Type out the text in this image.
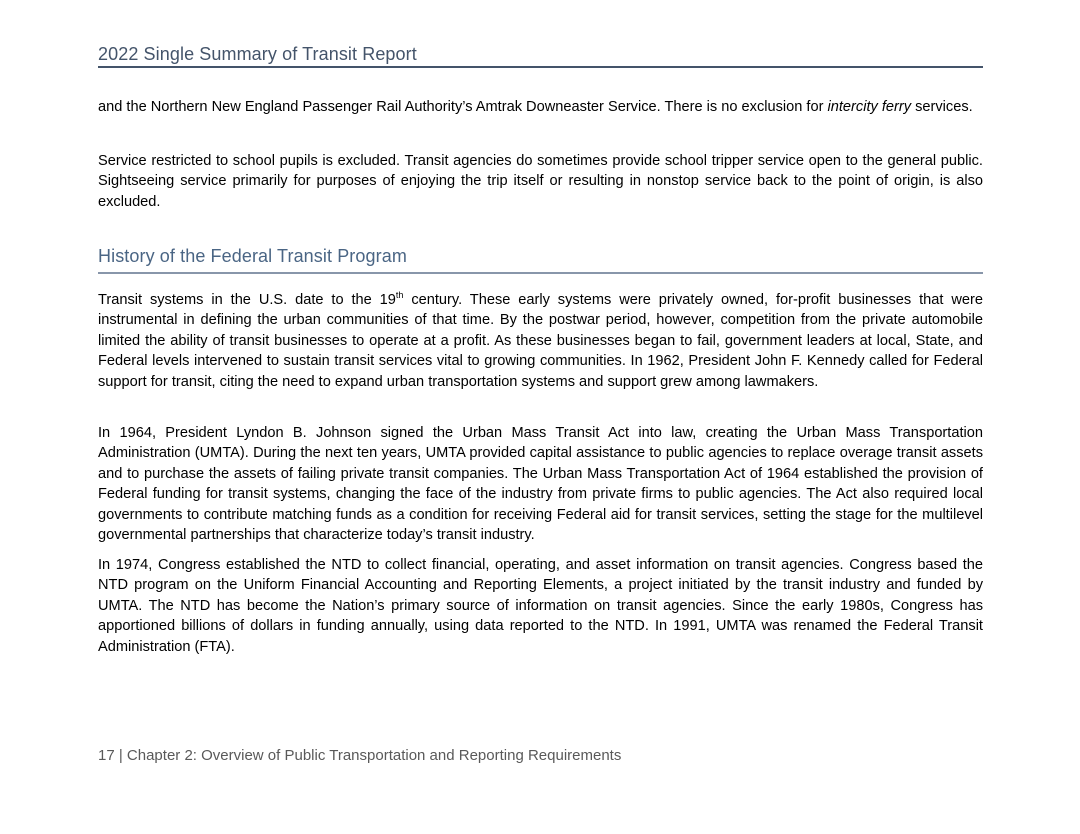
2022 Single Summary of Transit Report

and the Northern New England Passenger Rail Authority’s Amtrak Downeaster Service. There is no exclusion for intercity ferry services.

Service restricted to school pupils is excluded. Transit agencies do sometimes provide school tripper service open to the general public. Sightseeing service primarily for purposes of enjoying the trip itself or resulting in nonstop service back to the point of origin, is also excluded.

History of the Federal Transit Program

Transit systems in the U.S. date to the 19th century. These early systems were privately owned, for-profit businesses that were instrumental in defining the urban communities of that time. By the postwar period, however, competition from the private automobile limited the ability of transit businesses to operate at a profit. As these businesses began to fail, government leaders at local, State, and Federal levels intervened to sustain transit services vital to growing communities. In 1962, President John F. Kennedy called for Federal support for transit, citing the need to expand urban transportation systems and support grew among lawmakers.

In 1964, President Lyndon B. Johnson signed the Urban Mass Transit Act into law, creating the Urban Mass Transportation Administration (UMTA). During the next ten years, UMTA provided capital assistance to public agencies to replace overage transit assets and to purchase the assets of failing private transit companies. The Urban Mass Transportation Act of 1964 established the provision of Federal funding for transit systems, changing the face of the industry from private firms to public agencies. The Act also required local governments to contribute matching funds as a condition for receiving Federal aid for transit services, setting the stage for the multilevel governmental partnerships that characterize today’s transit industry.

In 1974, Congress established the NTD to collect financial, operating, and asset information on transit agencies. Congress based the NTD program on the Uniform Financial Accounting and Reporting Elements, a project initiated by the transit industry and funded by UMTA. The NTD has become the Nation’s primary source of information on transit agencies. Since the early 1980s, Congress has apportioned billions of dollars in funding annually, using data reported to the NTD. In 1991, UMTA was renamed the Federal Transit Administration (FTA).

17 | Chapter 2: Overview of Public Transportation and Reporting Requirements
